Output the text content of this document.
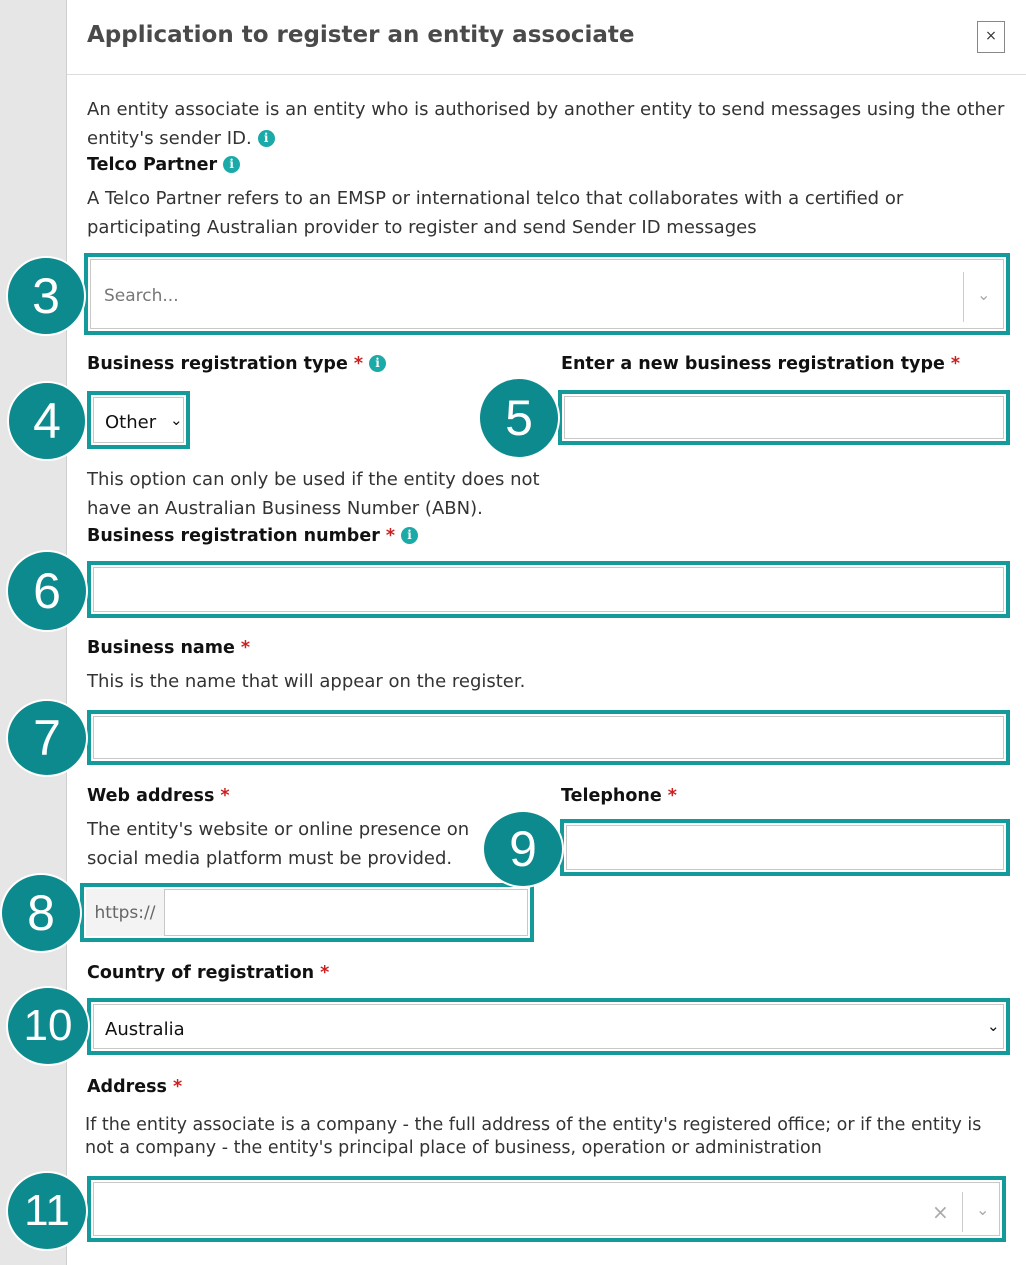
Application to register an entity associate	×

An entity associate is an entity who is authorised by another entity to send messages using the other entity's sender ID. i

Telco Partner i

A Telco Partner refers to an EMSP or international telco that collaborates with a certified or participating Australian provider to register and send Sender ID messages

Search...	⌄
Business registration type * i
Other ⌄

This option can only be used if the entity does not have an Australian Business Number (ABN).

Enter a new business registration type *
Business registration number * i
Business name *

This is the name that will appear on the register.

Web address *

The entity's website or online presence on social media platform must be provided.

https://
Telephone *
Country of registration *
Australia	⌄
Address *

If the entity associate is a company - the full address of the entity's registered office; or if the entity is not a company - the entity's principal place of business, operation or administration

× ⌄
3
4	5
6
7
8
9
10
11
